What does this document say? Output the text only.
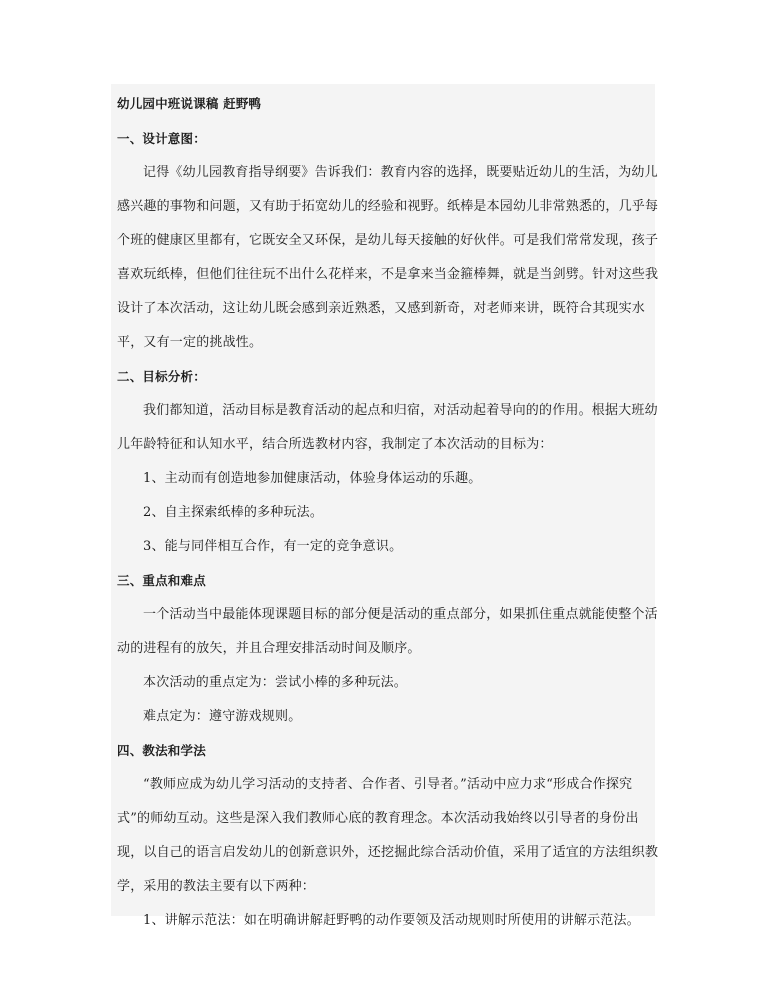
幼儿园中班说课稿 赶野鸭
一、设计意图：
记得《幼儿园教育指导纲要》告诉我们：教育内容的选择，既要贴近幼儿的生活，为幼儿
感兴趣的事物和问题，又有助于拓宽幼儿的经验和视野。纸棒是本园幼儿非常熟悉的，几乎每
个班的健康区里都有，它既安全又环保，是幼儿每天接触的好伙伴。可是我们常常发现，孩子
喜欢玩纸棒，但他们往往玩不出什么花样来，不是拿来当金箍棒舞，就是当剑劈。针对这些我
设计了本次活动，这让幼儿既会感到亲近熟悉，又感到新奇，对老师来讲，既符合其现实水
平，又有一定的挑战性。
二、目标分析：
我们都知道，活动目标是教育活动的起点和归宿，对活动起着导向的的作用。根据大班幼
儿年龄特征和认知水平，结合所选教材内容，我制定了本次活动的目标为：
1、主动而有创造地参加健康活动，体验身体运动的乐趣。
2、自主探索纸棒的多种玩法。
3、能与同伴相互合作，有一定的竞争意识。
三、重点和难点
一个活动当中最能体现课题目标的部分便是活动的重点部分，如果抓住重点就能使整个活
动的进程有的放矢，并且合理安排活动时间及顺序。
本次活动的重点定为：尝试小棒的多种玩法。
难点定为：遵守游戏规则。
四、教法和学法
“教师应成为幼儿学习活动的支持者、合作者、引导者。”活动中应力求“形成合作探究
式”的师幼互动。这些是深入我们教师心底的教育理念。本次活动我始终以引导者的身份出
现，以自己的语言启发幼儿的创新意识外，还挖掘此综合活动价值，采用了适宜的方法组织教
学，采用的教法主要有以下两种：
1、讲解示范法：如在明确讲解赶野鸭的动作要领及活动规则时所使用的讲解示范法。
